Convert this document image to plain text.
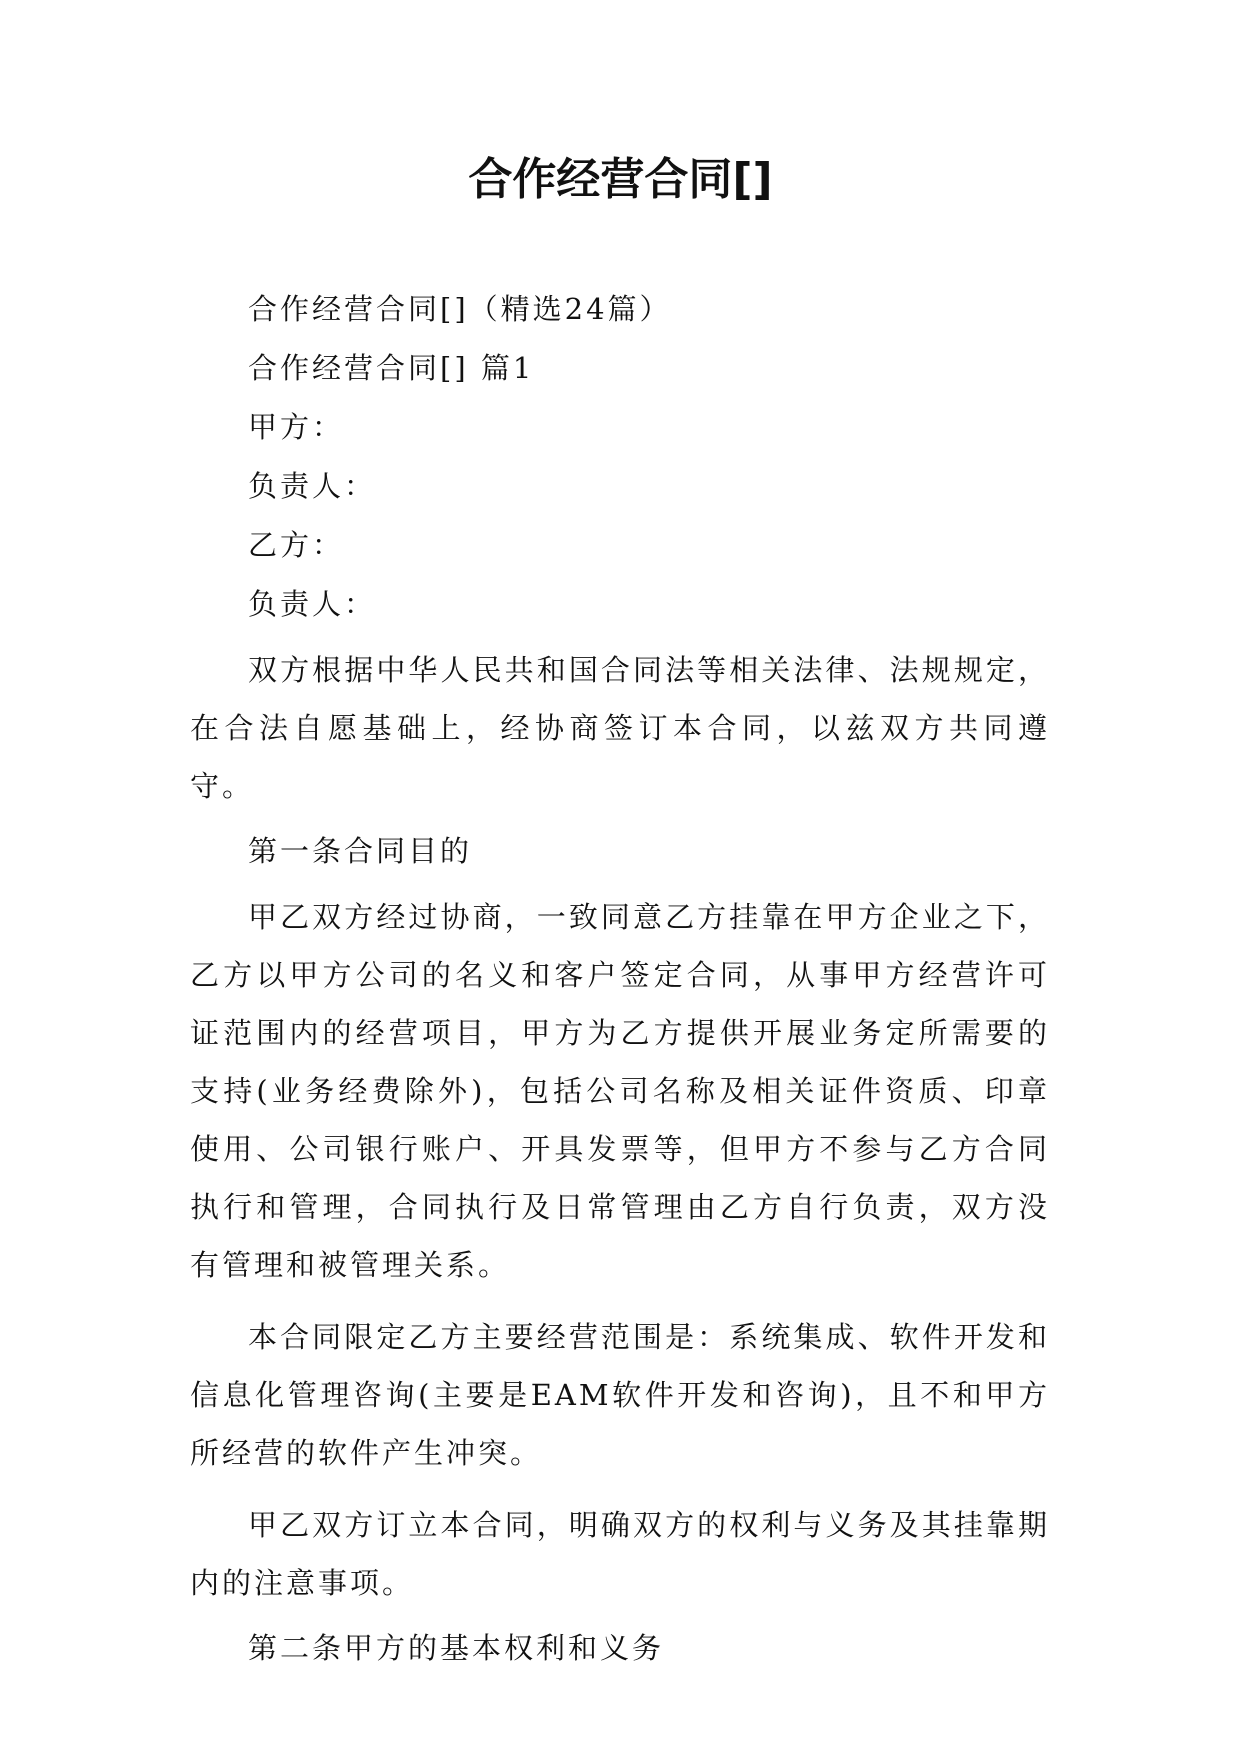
合作经营合同[]

合作经营合同[]（精选24篇）

合作经营合同[] 篇1

甲方：

负责人：

乙方：

负责人：

双方根据中华人民共和国合同法等相关法律、法规规定，在合法自愿基础上，经协商签订本合同，以兹双方共同遵守。

第一条合同目的

甲乙双方经过协商，一致同意乙方挂靠在甲方企业之下，乙方以甲方公司的名义和客户签定合同，从事甲方经营许可证范围内的经营项目，甲方为乙方提供开展业务定所需要的支持(业务经费除外)，包括公司名称及相关证件资质、印章使用、公司银行账户、开具发票等，但甲方不参与乙方合同执行和管理，合同执行及日常管理由乙方自行负责，双方没有管理和被管理关系。

本合同限定乙方主要经营范围是：系统集成、软件开发和信息化管理咨询(主要是EAM软件开发和咨询)，且不和甲方所经营的软件产生冲突。

甲乙双方订立本合同，明确双方的权利与义务及其挂靠期内的注意事项。

第二条甲方的基本权利和义务
